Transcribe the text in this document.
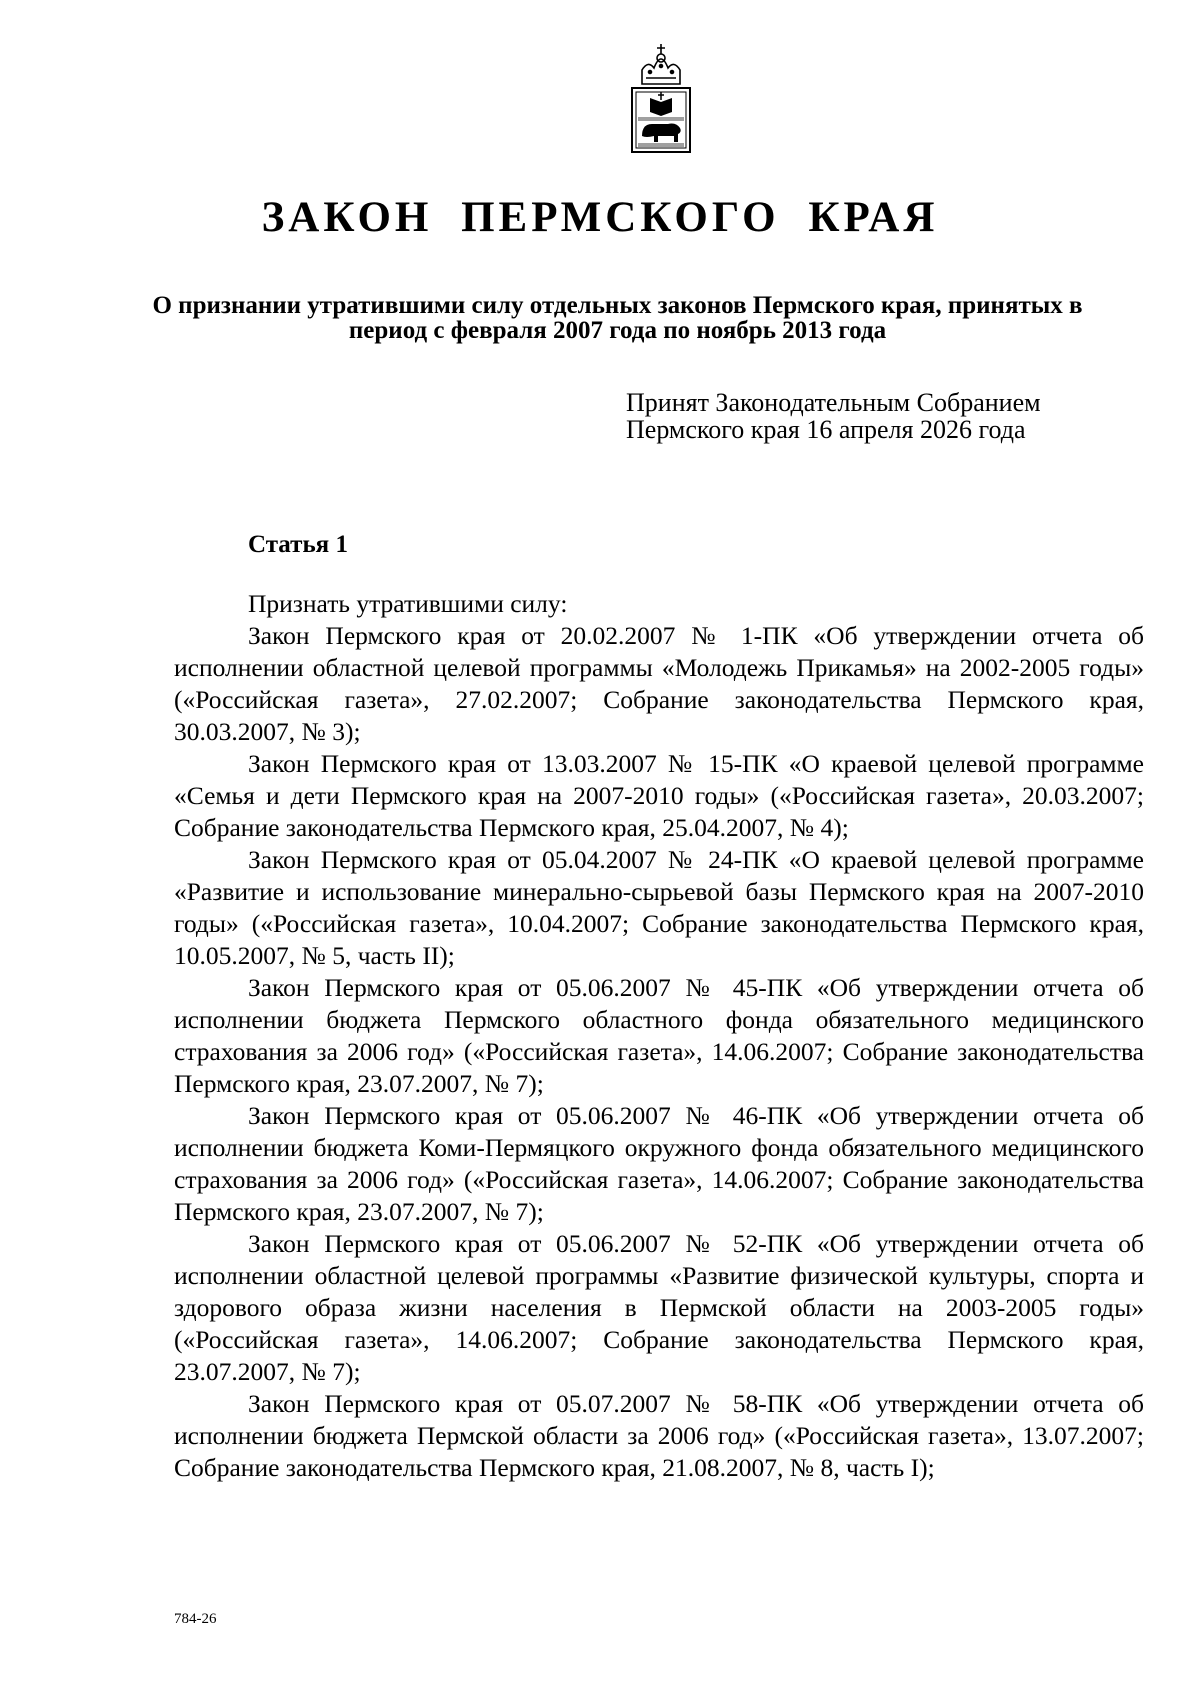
ЗАКОН ПЕРМСКОГО КРАЯ
О признании утратившими силу отдельных законов Пермского края, принятых в период с февраля 2007 года по ноябрь 2013 года
Принят Законодательным Собранием
Пермского края 16 апреля 2026 года
Статья 1

Признать утратившими силу:

Закон Пермского края от 20.02.2007 № 1-ПК «Об утверждении отчета об исполнении областной целевой программы «Молодежь Прикамья» на 2002-2005 годы» («Российская газета», 27.02.2007; Собрание законодательства Пермского края, 30.03.2007, № 3);

Закон Пермского края от 13.03.2007 № 15-ПК «О краевой целевой программе «Семья и дети Пермского края на 2007-2010 годы» («Российская газета», 20.03.2007; Собрание законодательства Пермского края, 25.04.2007, № 4);

Закон Пермского края от 05.04.2007 № 24-ПК «О краевой целевой программе «Развитие и использование минерально-сырьевой базы Пермского края на 2007-2010 годы» («Российская газета», 10.04.2007; Собрание законодательства Пермского края, 10.05.2007, № 5, часть II);

Закон Пермского края от 05.06.2007 № 45-ПК «Об утверждении отчета об исполнении бюджета Пермского областного фонда обязательного медицинского страхования за 2006 год» («Российская газета», 14.06.2007; Собрание законодательства Пермского края, 23.07.2007, № 7);

Закон Пермского края от 05.06.2007 № 46-ПК «Об утверждении отчета об исполнении бюджета Коми-Пермяцкого окружного фонда обязательного медицинского страхования за 2006 год» («Российская газета», 14.06.2007; Собрание законодательства Пермского края, 23.07.2007, № 7);

Закон Пермского края от 05.06.2007 № 52-ПК «Об утверждении отчета об исполнении областной целевой программы «Развитие физической культуры, спорта и здорового образа жизни населения в Пермской области на 2003-2005 годы» («Российская газета», 14.06.2007; Собрание законодательства Пермского края, 23.07.2007, № 7);

Закон Пермского края от 05.07.2007 № 58-ПК «Об утверждении отчета об исполнении бюджета Пермской области за 2006 год» («Российская газета», 13.07.2007; Собрание законодательства Пермского края, 21.08.2007, № 8, часть I);

784-26
